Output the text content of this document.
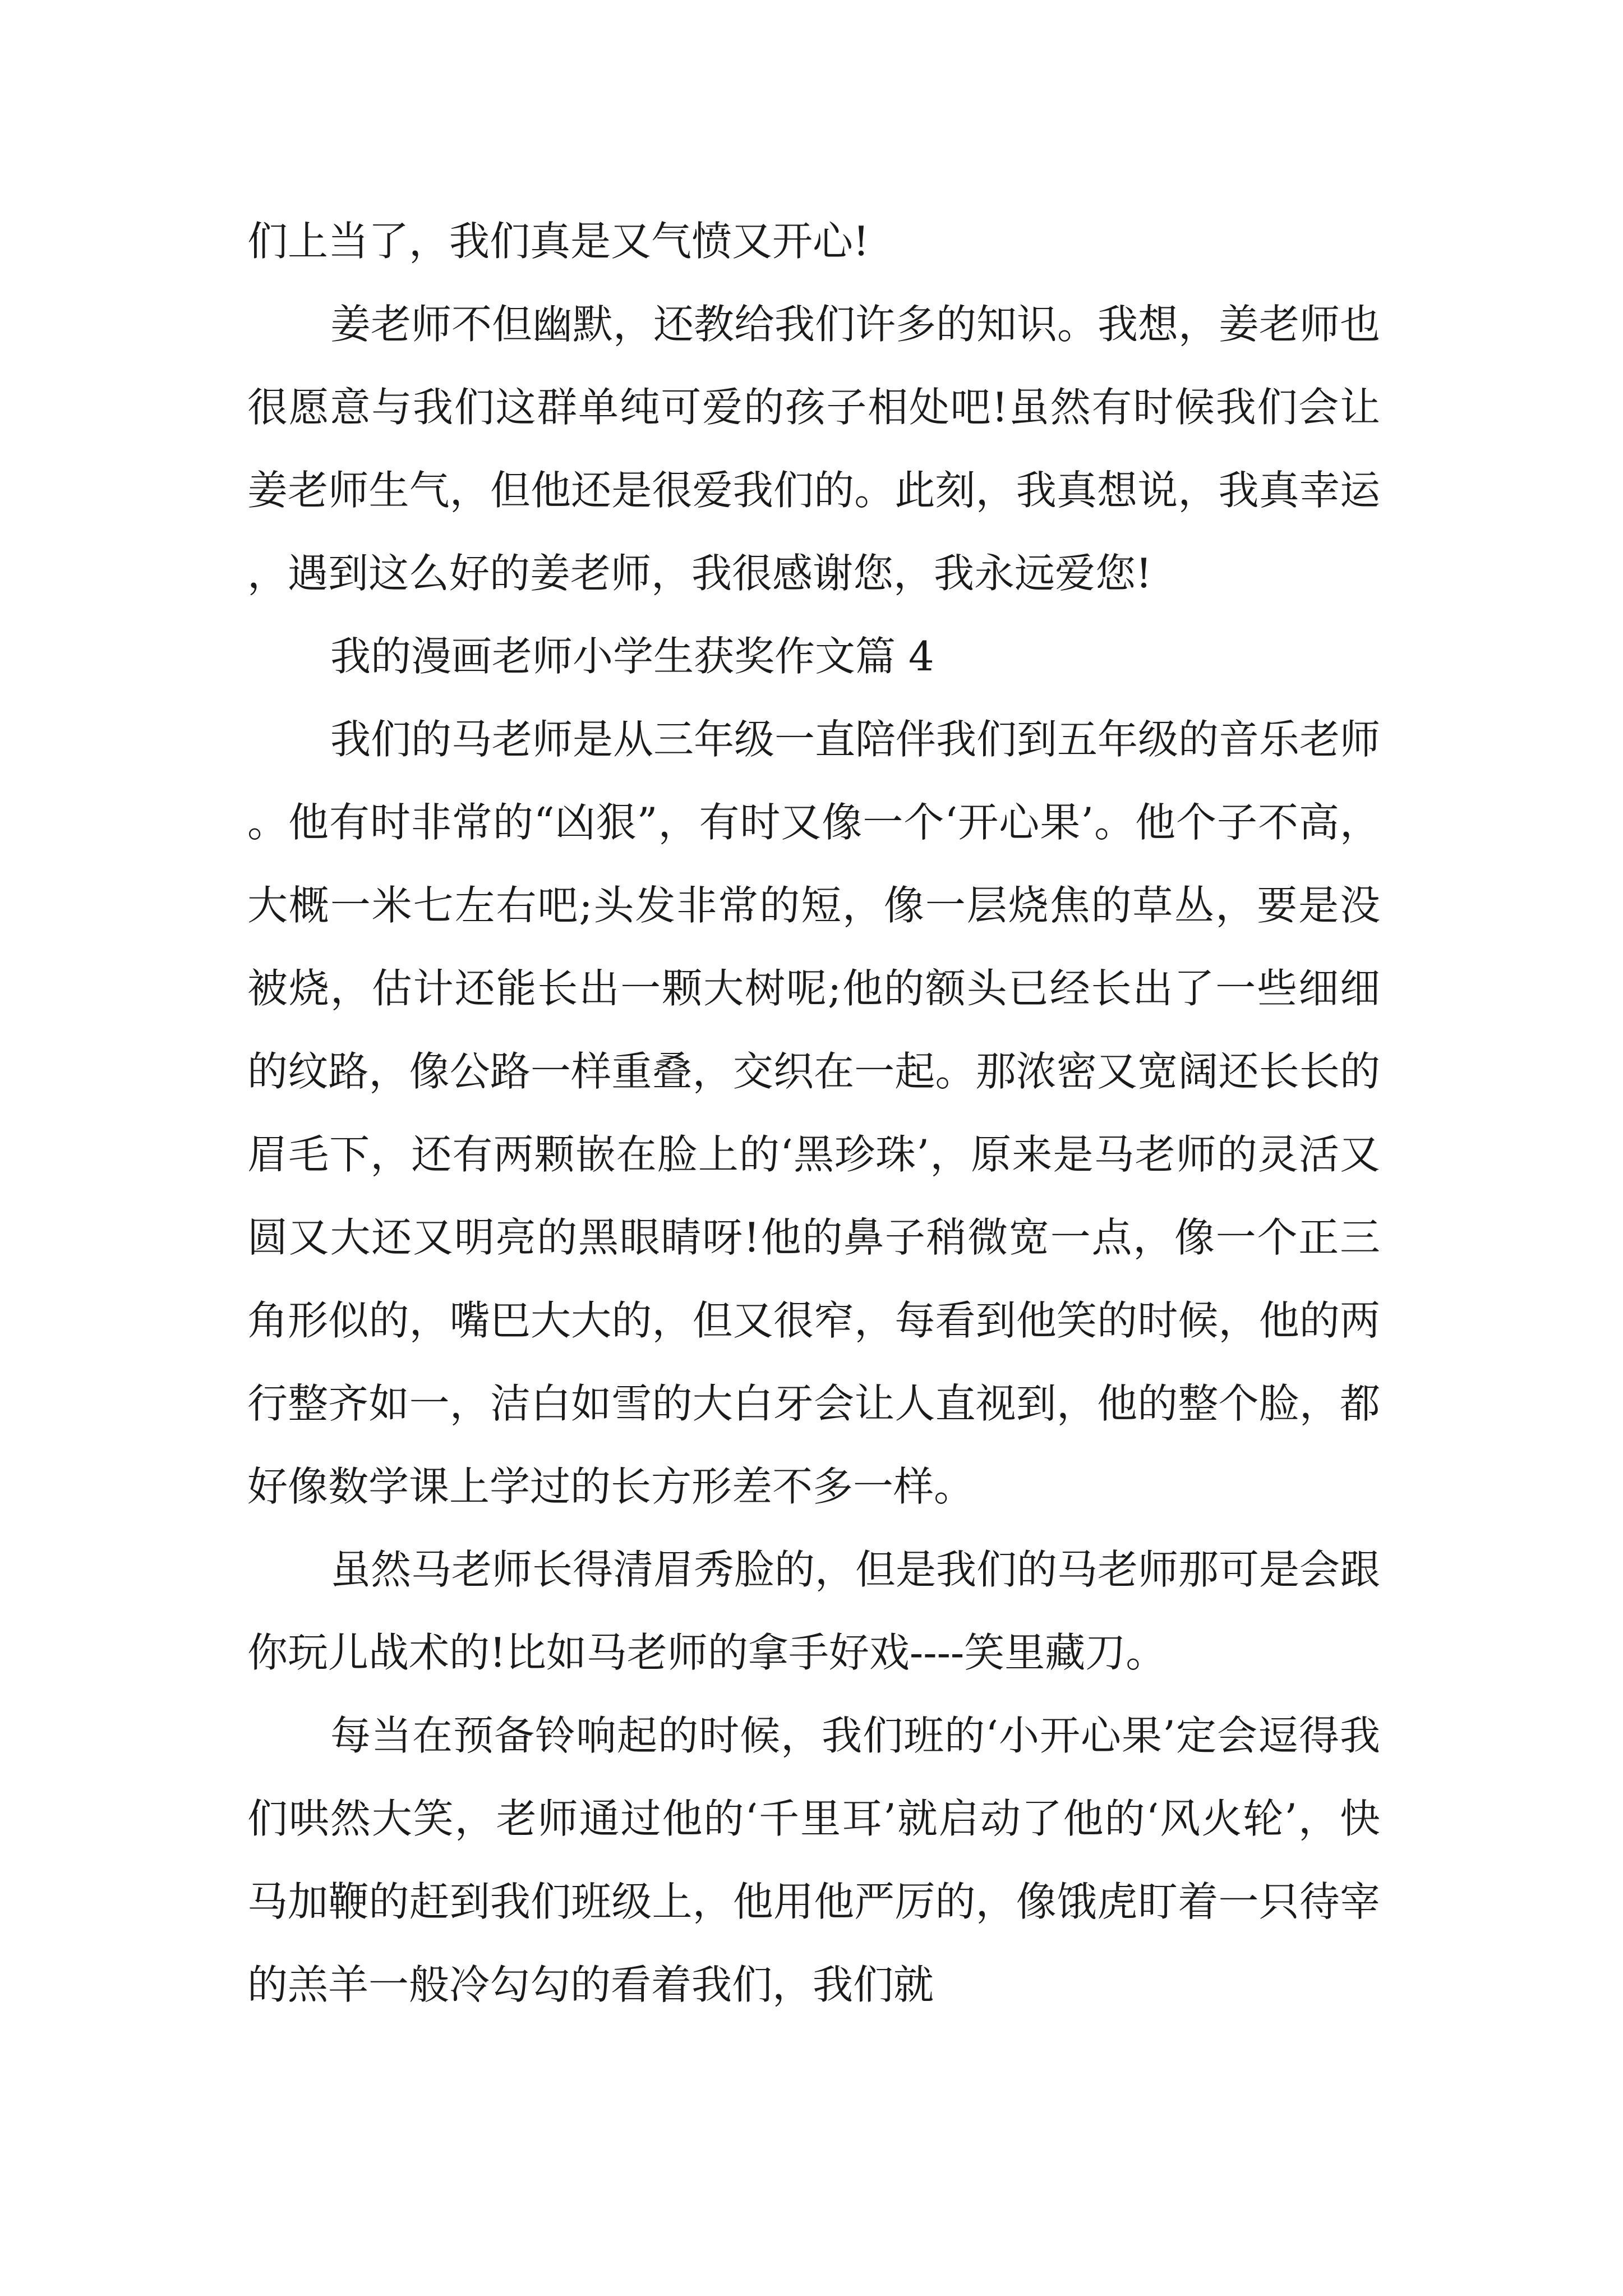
们上当了，我们真是又气愤又开心!

姜老师不但幽默，还教给我们许多的知识。我想，姜老师也很愿意与我们这群单纯可爱的孩子相处吧!虽然有时候我们会让姜老师生气，但他还是很爱我们的。此刻，我真想说，我真幸运，遇到这么好的姜老师，我很感谢您，我永远爱您!

我的漫画老师小学生获奖作文篇 4

我们的马老师是从三年级一直陪伴我们到五年级的音乐老师。他有时非常的“凶狠”，有时又像一个‘开心果’。他个子不高，大概一米七左右吧;头发非常的短，像一层烧焦的草丛，要是没被烧，估计还能长出一颗大树呢;他的额头已经长出了一些细细的纹路，像公路一样重叠，交织在一起。那浓密又宽阔还长长的眉毛下，还有两颗嵌在脸上的‘黑珍珠’，原来是马老师的灵活又圆又大还又明亮的黑眼睛呀!他的鼻子稍微宽一点，像一个正三角形似的，嘴巴大大的，但又很窄，每看到他笑的时候，他的两行整齐如一，洁白如雪的大白牙会让人直视到，他的整个脸，都好像数学课上学过的长方形差不多一样。

虽然马老师长得清眉秀脸的，但是我们的马老师那可是会跟你玩儿战术的!比如马老师的拿手好戏----笑里藏刀。

每当在预备铃响起的时候，我们班的‘小开心果’定会逗得我们哄然大笑，老师通过他的‘千里耳’就启动了他的‘风火轮’，快马加鞭的赶到我们班级上，他用他严厉的，像饿虎盯着一只待宰的羔羊一般冷勾勾的看着我们，我们就
